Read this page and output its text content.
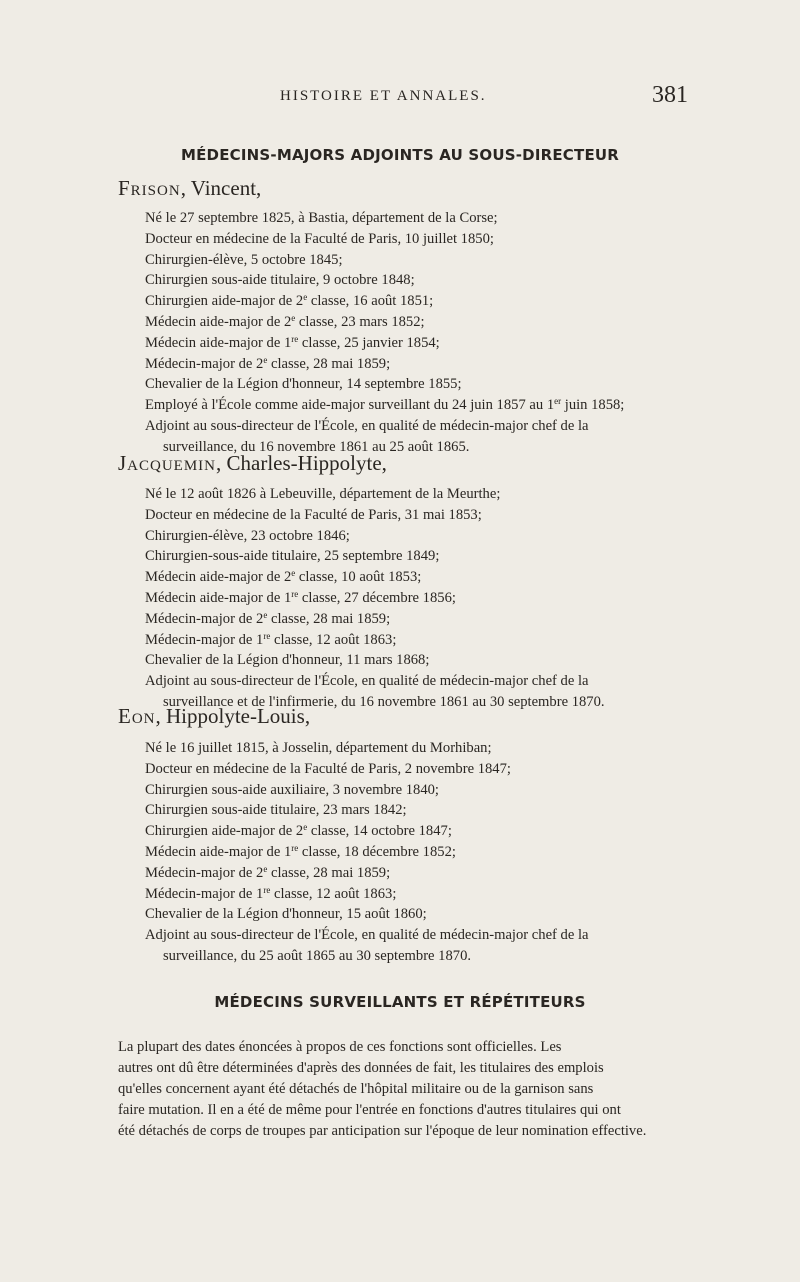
HISTOIRE ET ANNALES.	381
MÉDECINS-MAJORS ADJOINTS AU SOUS-DIRECTEUR
Frison, Vincent,
Né le 27 septembre 1825, à Bastia, département de la Corse;
Docteur en médecine de la Faculté de Paris, 10 juillet 1850;
Chirurgien-élève, 5 octobre 1845;
Chirurgien sous-aide titulaire, 9 octobre 1848;
Chirurgien aide-major de 2e classe, 16 août 1851;
Médecin aide-major de 2e classe, 23 mars 1852;
Médecin aide-major de 1re classe, 25 janvier 1854;
Médecin-major de 2e classe, 28 mai 1859;
Chevalier de la Légion d'honneur, 14 septembre 1855;
Employé à l'École comme aide-major surveillant du 24 juin 1857 au 1er juin 1858;
Adjoint au sous-directeur de l'École, en qualité de médecin-major chef de la
surveillance, du 16 novembre 1861 au 25 août 1865.
Jacquemin, Charles-Hippolyte,
Né le 12 août 1826 à Lebeuville, département de la Meurthe;
Docteur en médecine de la Faculté de Paris, 31 mai 1853;
Chirurgien-élève, 23 octobre 1846;
Chirurgien-sous-aide titulaire, 25 septembre 1849;
Médecin aide-major de 2e classe, 10 août 1853;
Médecin aide-major de 1re classe, 27 décembre 1856;
Médecin-major de 2e classe, 28 mai 1859;
Médecin-major de 1re classe, 12 août 1863;
Chevalier de la Légion d'honneur, 11 mars 1868;
Adjoint au sous-directeur de l'École, en qualité de médecin-major chef de la
surveillance et de l'infirmerie, du 16 novembre 1861 au 30 septembre 1870.
Eon, Hippolyte-Louis,
Né le 16 juillet 1815, à Josselin, département du Morhiban;
Docteur en médecine de la Faculté de Paris, 2 novembre 1847;
Chirurgien sous-aide auxiliaire, 3 novembre 1840;
Chirurgien sous-aide titulaire, 23 mars 1842;
Chirurgien aide-major de 2e classe, 14 octobre 1847;
Médecin aide-major de 1re classe, 18 décembre 1852;
Médecin-major de 2e classe, 28 mai 1859;
Médecin-major de 1re classe, 12 août 1863;
Chevalier de la Légion d'honneur, 15 août 1860;
Adjoint au sous-directeur de l'École, en qualité de médecin-major chef de la
surveillance, du 25 août 1865 au 30 septembre 1870.
MÉDECINS SURVEILLANTS ET RÉPÉTITEURS
La plupart des dates énoncées à propos de ces fonctions sont officielles. Les
autres ont dû être déterminées d'après des données de fait, les titulaires des emplois
qu'elles concernent ayant été détachés de l'hôpital militaire ou de la garnison sans
faire mutation. Il en a été de même pour l'entrée en fonctions d'autres titulaires qui ont
été détachés de corps de troupes par anticipation sur l'époque de leur nomination effective.
